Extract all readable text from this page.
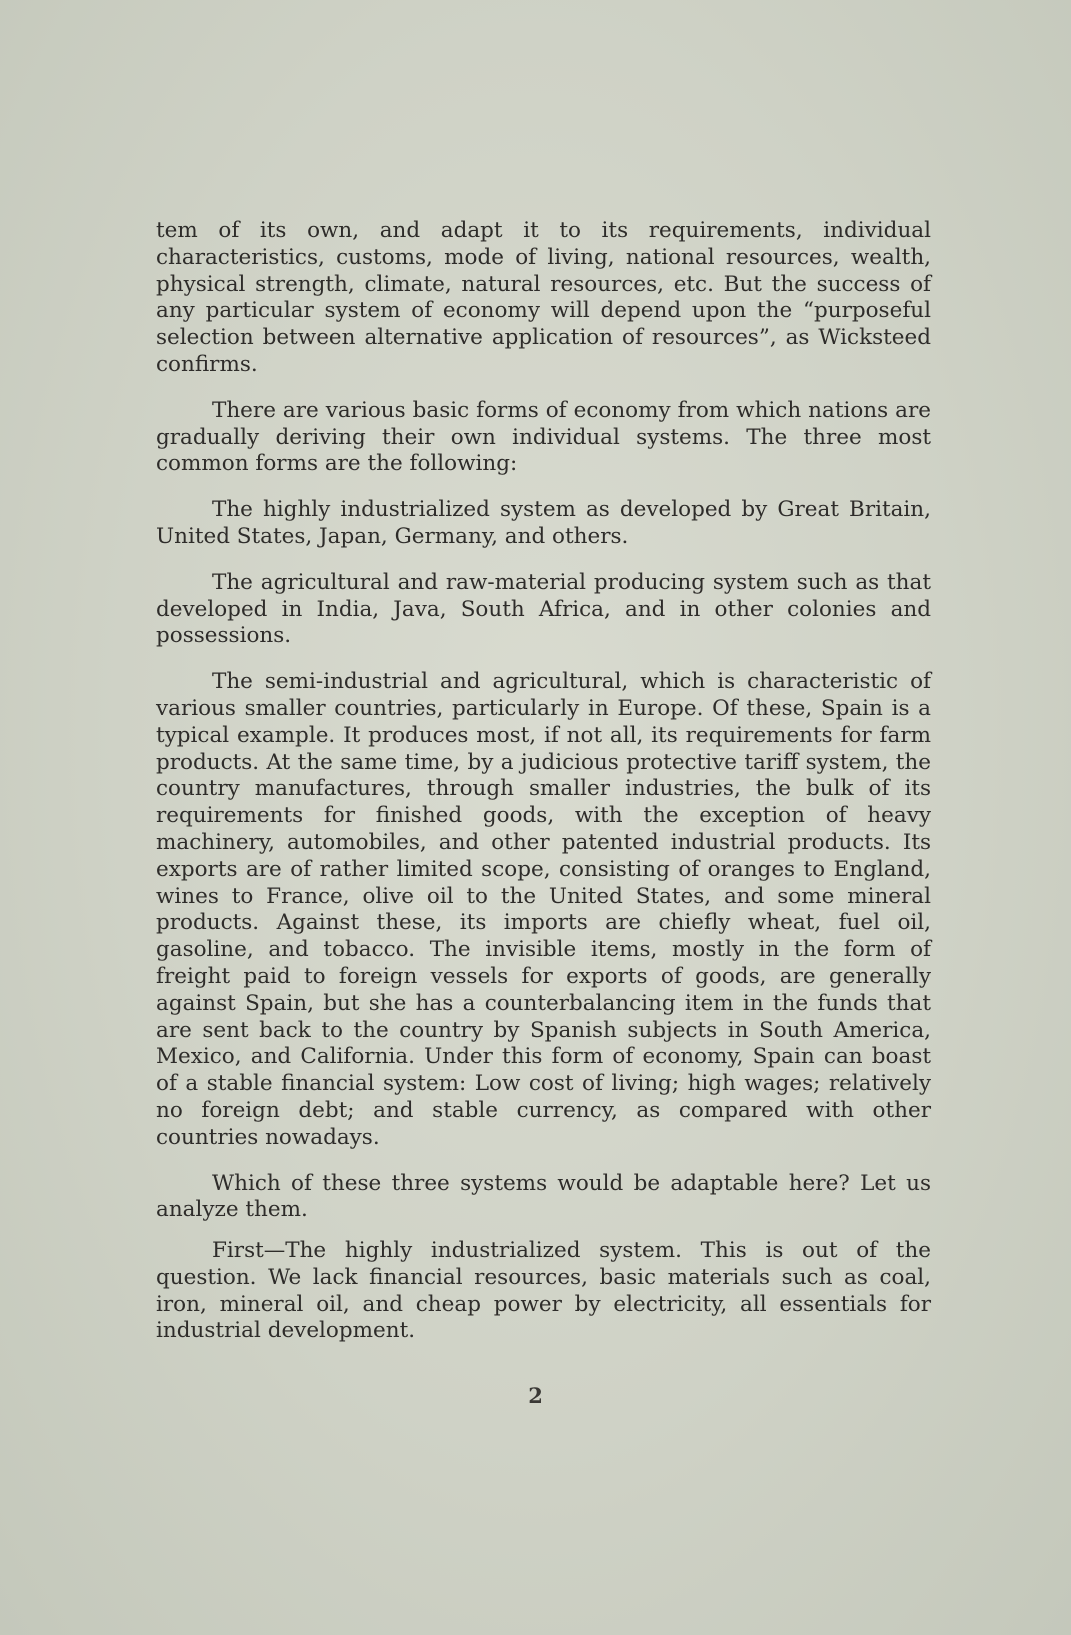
tem of its own, and adapt it to its requirements, individual characteristics, customs, mode of living, national resources, wealth, physical strength, climate, natural resources, etc. But the success of any particular system of economy will depend upon the “purposeful selection between alternative application of resources”, as Wicksteed confirms.

There are various basic forms of economy from which nations are gradually deriving their own individual systems. The three most common forms are the following:

The highly industrialized system as developed by Great Britain, United States, Japan, Germany, and others.

The agricultural and raw-material producing system such as that developed in India, Java, South Africa, and in other colonies and possessions.

The semi-industrial and agricultural, which is characteristic of various smaller countries, particularly in Europe. Of these, Spain is a typical example. It produces most, if not all, its requirements for farm products. At the same time, by a judicious protective tariff system, the country manufactures, through smaller industries, the bulk of its requirements for finished goods, with the exception of heavy machinery, automobiles, and other patented industrial products. Its exports are of rather limited scope, consisting of oranges to England, wines to France, olive oil to the United States, and some mineral products. Against these, its imports are chiefly wheat, fuel oil, gasoline, and tobacco. The invisible items, mostly in the form of freight paid to foreign vessels for exports of goods, are generally against Spain, but she has a counterbalancing item in the funds that are sent back to the country by Spanish subjects in South America, Mexico, and California. Under this form of economy, Spain can boast of a stable financial system: Low cost of living; high wages; relatively no foreign debt; and stable currency, as compared with other countries nowadays.

Which of these three systems would be adaptable here? Let us analyze them.

First—The highly industrialized system. This is out of the question. We lack financial resources, basic materials such as coal, iron, mineral oil, and cheap power by electricity, all essentials for industrial development.

2
